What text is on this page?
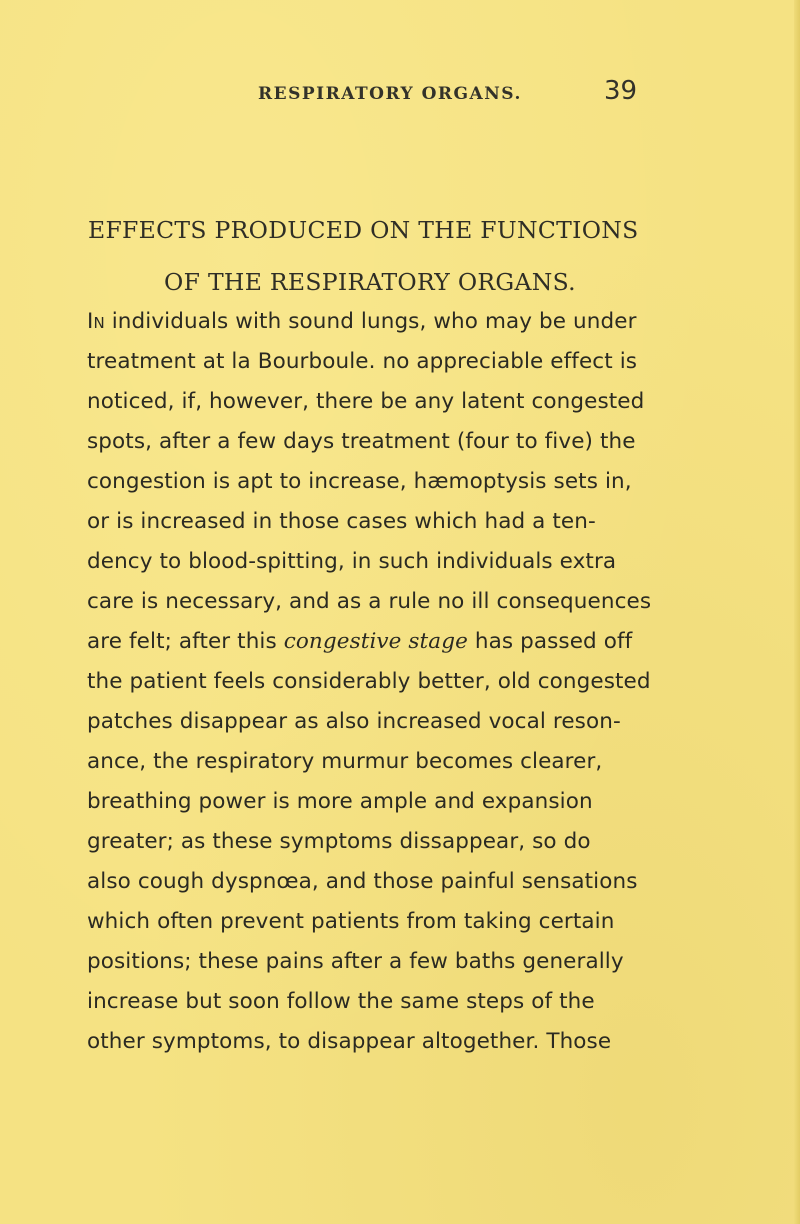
RESPIRATORY ORGANS.	39
EFFECTS PRODUCED ON THE FUNCTIONS
OF THE RESPIRATORY ORGANS.
In individuals with sound lungs, who may be under
treatment at la Bourboule. no appreciable effect is
noticed, if, however, there be any latent congested
spots, after a few days treatment (four to five) the
congestion is apt to increase, hæmoptysis sets in,
or is increased in those cases which had a ten-
dency to blood-spitting, in such individuals extra
care is necessary, and as a rule no ill consequences
are felt; after this congestive stage has passed off
the patient feels considerably better, old congested
patches disappear as also increased vocal reson-
ance, the respiratory murmur becomes clearer,
breathing power is more ample and expansion
greater; as these symptoms dissappear, so do
also cough dyspnœa, and those painful sensations
which often prevent patients from taking certain
positions; these pains after a few baths generally
increase but soon follow the same steps of the
other symptoms, to disappear altogether. Those
